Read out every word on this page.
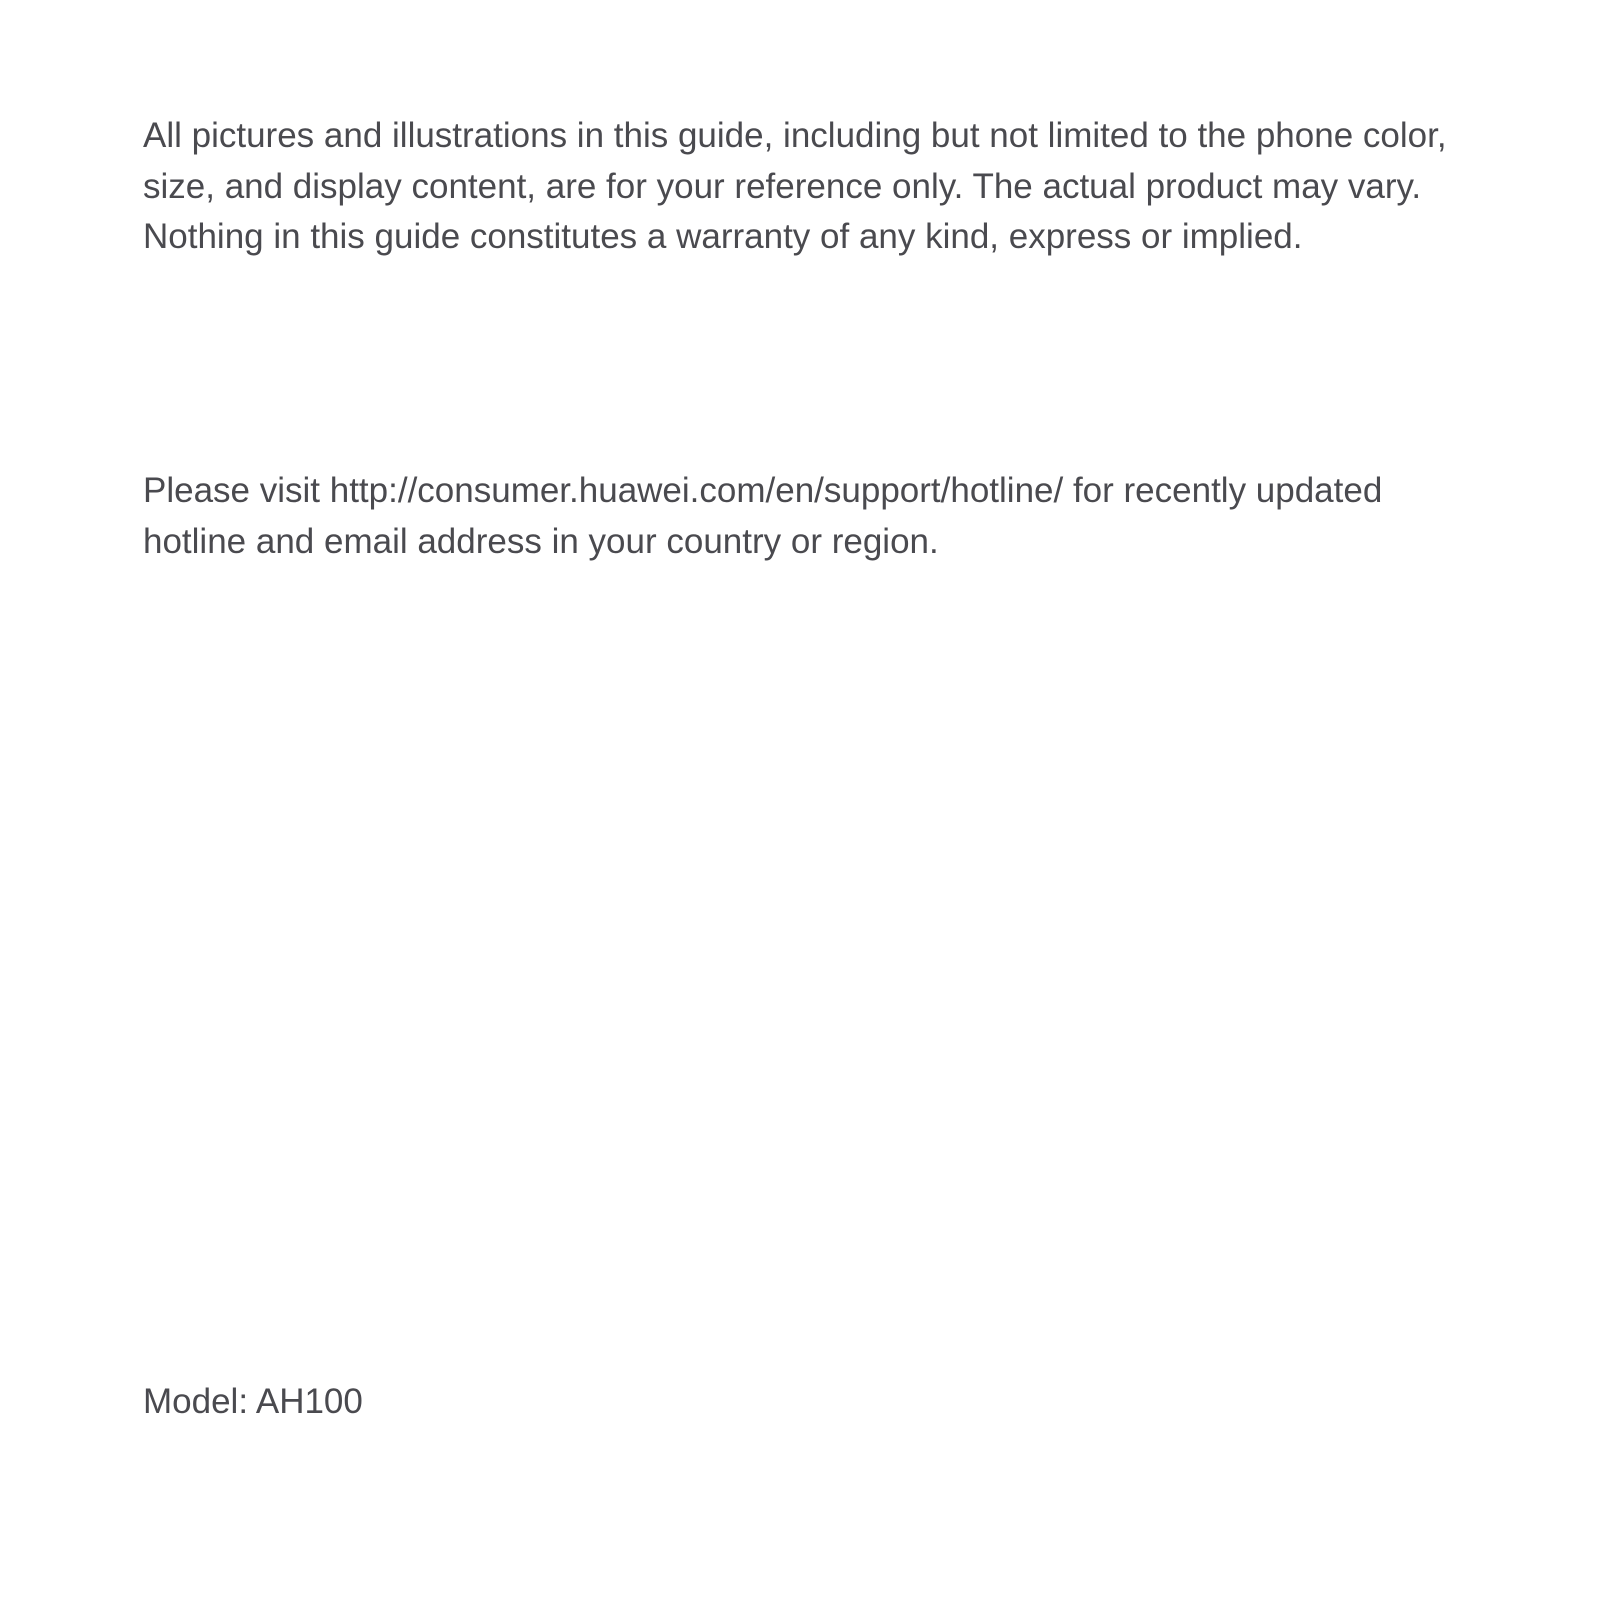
All pictures and illustrations in this guide, including but not limited to the phone color,
size, and display content, are for your reference only. The actual product may vary.
Nothing in this guide constitutes a warranty of any kind, express or implied.

Please visit http://consumer.huawei.com/en/support/hotline/ for recently updated
hotline and email address in your country or region.

Model: AH100
